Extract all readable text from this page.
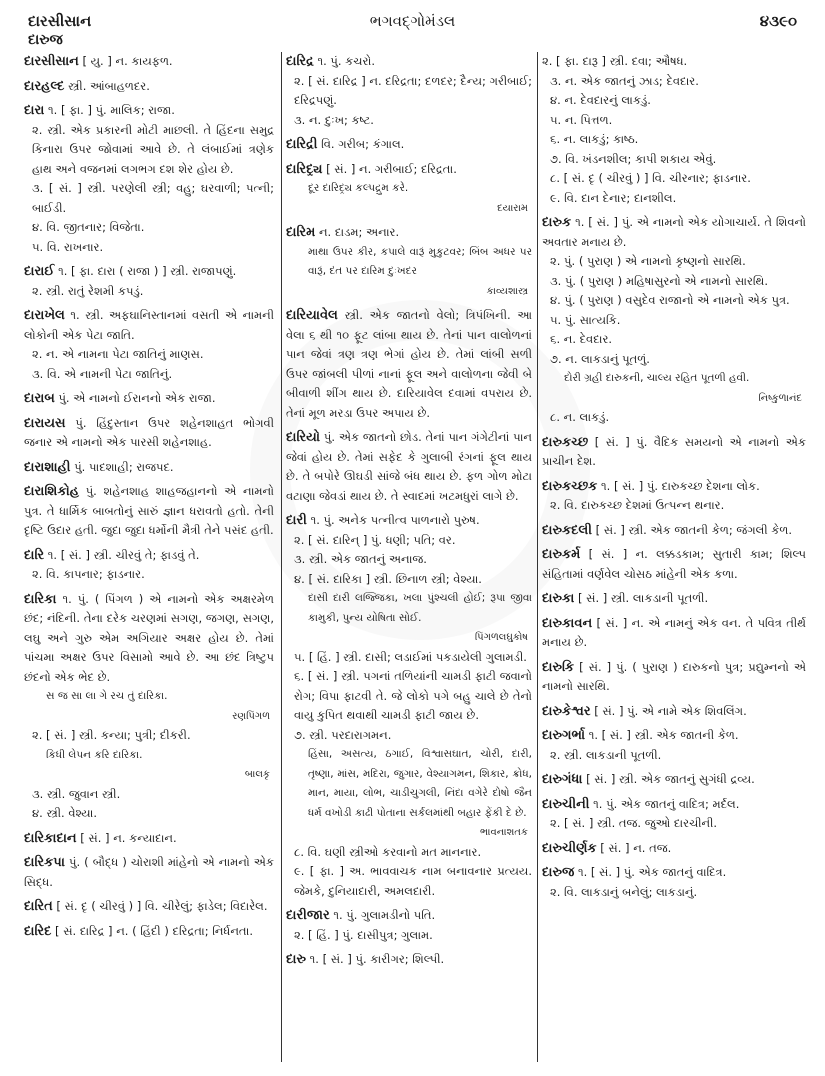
દારસીસાન	ભગવદ્ગોમંડલ	૪૩૯૦
દારુજ
દારસીસાન [ યુ. ] ન. કાયફળ.
દારહલ્દ સ્ત્રી. આંબાહળદર.
દારા ૧. [ ફા. ] પું. માલિક; રાજા.
૨. સ્ત્રી. એક પ્રકારની મોટી માછલી. તે હિંદના સમુદ્ર કિનારા ઉપર જોવામાં આવે છે. તે લંબાઈમાં ત્રણેક હાથ અને વજનમાં લગભગ દશ શેર હોય છે.
૩. [ સં. ] સ્ત્રી. પરણેલી સ્ત્રી; વહુ; ઘરવાળી; પત્ની; બાઈડી.
૪. વિ. જીતનાર; વિજેતા.
૫. વિ. રાખનાર.
દારાઈ ૧. [ ફા. દારા ( રાજા ) ] સ્ત્રી. રાજાપણું.
૨. સ્ત્રી. રાતું રેશમી કપડું.
દારાખેલ ૧. સ્ત્રી. અફઘાનિસ્તાનમાં વસતી એ નામની લોકોની એક પેટા જાતિ.
૨. ન. એ નામના પેટા જાતિનું માણસ.
૩. વિ. એ નામની પેટા જાતિનું.
દારાબ પું. એ નામનો ઈરાનનો એક રાજા.
દારાયસ પું. હિંદુસ્તાન ઉપર શહેનશાહત ભોગવી જનાર એ નામનો એક પારસી શહેનશાહ.
દારાશાહી પું. પાદશાહી; રાજપદ.
દારાશિકોહ પું. શહેનશાહ શાહજહાનનો એ નામનો પુત્ર. તે ધાર્મિક બાબતોનું સારું જ્ઞાન ધરાવતો હતો. તેની દૃષ્ટિ ઉદાર હતી. જુદા જુદા ધર્મોની મૈત્રી તેને પસંદ હતી.
દારિ ૧. [ સં. ] સ્ત્રી. ચીરવું તે; ફાડવું તે.
૨. વિ. કાપનાર; ફાડનાર.
દારિકા ૧. પું. ( પિંગળ ) એ નામનો એક અક્ષરમેળ છંદ; નંદિની. તેના દરેક ચરણમાં સગણ, જગણ, સગણ, લઘુ અને ગુરુ એમ અગિયાર અક્ષર હોય છે. તેમાં પાંચમા અક્ષર ઉપર વિસામો આવે છે. આ છંદ ત્રિષ્ટુપ છંદનો એક ભેદ છે.
સ જ સા લા ગે રચ તું દારિકા.
રણપિંગળ
૨. [ સં. ] સ્ત્રી. કન્યા; પુત્રી; દીકરી.
કિધી લેપન કરિ દારિકા.
બાલકૃ
૩. સ્ત્રી. જુવાન સ્ત્રી.
૪. સ્ત્રી. વેશ્યા.
દારિકાદાન [ સં. ] ન. કન્યાદાન.
દારિકપા પું. ( બૌદ્ધ ) ચોરાશી માંહેનો એ નામનો એક સિદ્ધ.
દારિત [ સં. દૃ ( ચીરવું ) ] વિ. ચીરેલું; ફાડેલ; વિદારેલ.
દારિદ [ સં. દારિદ્ર ] ન. ( હિંદી ) દરિદ્રતા; નિર્ધનતા.
દારિદ્ર ૧. પું. કચરો.
૨. [ સં. દારિદ્ર ] ન. દરિદ્રતા; દળદર; દૈન્ય; ગરીબાઈ; દરિદ્રપણું.
૩. ન. દુઃખ; કષ્ટ.
દારિદ્રી વિ. ગરીબ; કંગાલ.
દારિદ્ર્ય [ સં. ] ન. ગરીબાઈ; દરિદ્રતા.
દૂર દારિદ્ર્ય કલ્પદ્રુમ કરે.
દયારામ
દારિમ ન. દાડમ; અનાર.
માથા ઉપર કીર, કપાલે વારૂં મુકુટવર; બિંબ અધર પર વારૂં, દંત પર દારિમ દુઃખદર
કાવ્યશાસ્ત્ર
દારિયાવેલ સ્ત્રી. એક જાતનો વેલો; ત્રિપંખિની. આ વેલા ૬ થી ૧૦ ફૂટ લાંબા થાય છે. તેનાં પાન વાલોળનાં પાન જેવાં ત્રણ ત્રણ ભેગાં હોય છે. તેમાં લાંબી સળી ઉપર જાંબલી પીળાં નાનાં ફૂલ અને વાલોળના જેવી બે બીવાળી શીંગ થાય છે. દારિયાવેલ દવામાં વપરાય છે. તેનાં મૂળ મરડા ઉપર અપાય છે.
દારિયો પું. એક જાતનો છોડ. તેનાં પાન ગંગેટીનાં પાન જેવાં હોય છે. તેમાં સફેદ કે ગુલાબી રંગનાં ફૂલ થાય છે. તે બપોરે ઊઘડી સાંજે બંધ થાય છે. ફળ ગોળ મોટા વટાણા જેવડાં થાય છે. તે સ્વાદમાં ખટમધુરાં લાગે છે.
દારી ૧. પું. અનેક પત્નીત્વ પાળનારો પુરુષ.
૨. [ સં. દારિન્ ] પું. ધણી; પતિ; વર.
૩. સ્ત્રી. એક જાતનું અનાજ.
૪. [ સં. દારિકા ] સ્ત્રી. છિનાળ સ્ત્રી; વેશ્યા.
દાસી દારી લજ્જિકા, ખલા પુંશ્ચલી હોઈ; રૂપા જીવા કામુકી, પુન્ય યોષિતા સોઈ.
પિંગળલઘુકોષ
૫. [ હિં. ] સ્ત્રી. દાસી; લડાઈમાં પકડાયેલી ગુલામડી.
૬. [ સં. ] સ્ત્રી. પગનાં તળિયાંની ચામડી ફાટી જવાનો રોગ; વિપા ફાટવી તે. જે લોકો પગે બહુ ચાલે છે તેનો વાયુ કુપિત થવાથી ચામડી ફાટી જાય છે.
૭. સ્ત્રી. પરદારાગમન.
હિંસા, અસત્ય, ઠગાઈ, વિશ્વાસઘાત, ચોરી, દારી, તૃષ્ણા, માંસ, મદિરા, જુગાર, વેશ્યાગમન, શિકાર, ક્રોધ, માન, માયા, લોભ, ચાડીચુગલી, નિંદા વગેરે દોષો જૈન ધર્મ વખોડી કાઢી પોતાના સર્કલમાંથી બહાર ફેંકી દે છે.
ભાવનાશતક
૮. વિ. ઘણી સ્ત્રીઓ કરવાનો મત માનનાર.
૯. [ ફા. ] અ. ભાવવાચક નામ બનાવનાર પ્રત્યય. જેમકે, દુનિયાદારી, અમલદારી.
દારીજાર ૧. પું. ગુલામડીનો પતિ.
૨. [ હિં. ] પું. દાસીપુત્ર; ગુલામ.
દારુ ૧. [ સં. ] પું. કારીગર; શિલ્પી.
૨. [ ફા. દારૂ ] સ્ત્રી. દવા; ઔષધ.
૩. ન. એક જાતનું ઝાડ; દેવદાર.
૪. ન. દેવદારનું લાકડું.
૫. ન. પિત્તળ.
૬. ન. લાકડું; કાષ્ઠ.
૭. વિ. ખંડનશીલ; કાપી શકાય એવું.
૮. [ સં. દૃ ( ચીરવું ) ] વિ. ચીરનાર; ફાડનાર.
૯. વિ. દાન દેનાર; દાનશીલ.
દારુક ૧. [ સં. ] પું. એ નામનો એક યોગાચાર્ય. તે શિવનો અવતાર મનાય છે.
૨. પું. ( પુરાણ ) એ નામનો કૃષ્ણનો સારથિ.
૩. પું. ( પુરાણ ) મહિષાસુરનો એ નામનો સારથિ.
૪. પું. ( પુરાણ ) વસુદેવ રાજાનો એ નામનો એક પુત્ર.
૫. પું. સાત્યકિ.
૬. ન. દેવદાર.
૭. ન. લાકડાનું પૂતળું.
દોરી ગ્રહી દારુકની, ચાલ્ય રહિત પૂતળી હવી.
નિષ્કુળાનંદ
૮. ન. લાકડું.
દારુકચ્છ [ સં. ] પું. વૈદિક સમયનો એ નામનો એક પ્રાચીન દેશ.
દારુકચ્છક ૧. [ સં. ] પું. દારુકચ્છ દેશના લોક.
૨. વિ. દારુકચ્છ દેશમાં ઉત્પન્ન થનાર.
દારુકદલી [ સં. ] સ્ત્રી. એક જાતની કેળ; જંગલી કેળ.
દારુકર્મ [ સં. ] ન. લક્કડકામ; સુતારી કામ; શિલ્પ સંહિતામાં વર્ણવેલ ચોસઠ માંહેની એક કળા.
દારુકા [ સં. ] સ્ત્રી. લાકડાની પૂતળી.
દારુકાવન [ સં. ] ન. એ નામનું એક વન. તે પવિત્ર તીર્થ મનાય છે.
દારુકિ [ સં. ] પું. ( પુરાણ ) દારુકનો પુત્ર; પ્રદ્યુમ્નનો એ નામનો સારથિ.
દારુકેશ્વર [ સં. ] પું. એ નામે એક શિવલિંગ.
દારુગર્ભા ૧. [ સં. ] સ્ત્રી. એક જાતની કેળ.
૨. સ્ત્રી. લાકડાની પૂતળી.
દારુગંધા [ સં. ] સ્ત્રી. એક જાતનું સુગંધી દ્રવ્ય.
દારુચીની ૧. પું. એક જાતનું વાદિત્ર; મર્દલ.
૨. [ સં. ] સ્ત્રી. તજ. જુઓ દારચીની.
દારુચીર્ણક [ સં. ] ન. તજ.
દારુજ ૧. [ સં. ] પું. એક જાતનું વાદિત્ર.
૨. વિ. લાકડાનું બનેલું; લાકડાનું.
